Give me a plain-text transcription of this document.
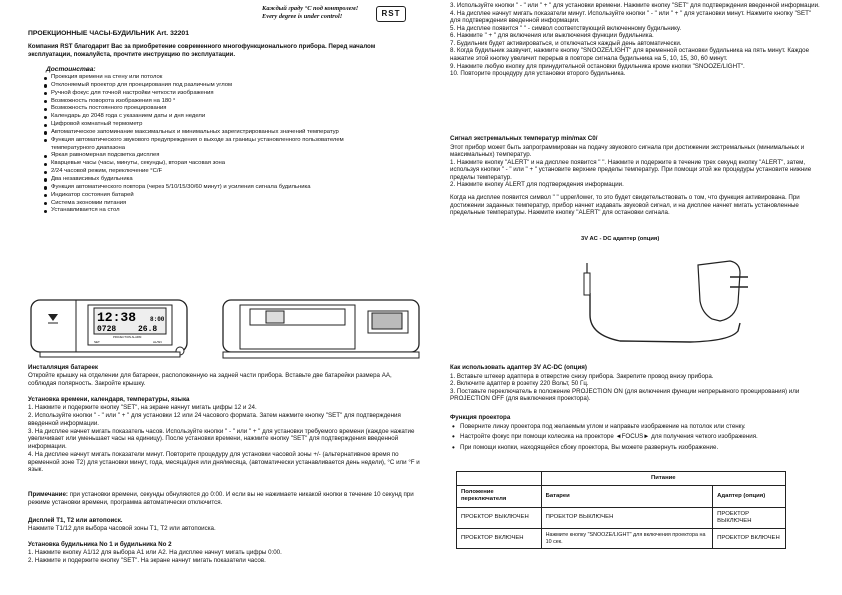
Каждый граду °C под контролем!
Every degree is under control!	RST
ПРОЕКЦИОННЫЕ ЧАСЫ-БУДИЛЬНИК Art. 32201
Компания RST благодарит Вас за приобретение современного многофункционального прибора. Перед началом эксплуатации, пожалуйста, прочтите инструкцию по эксплуатации.
Достоинства:
Проекция времени на стену или потолок
Отклоняемый проектор для проецирования под различным углом
Ручной фокус для точной настройки четкости изображения
Возможность поворота изображения на 180 °
Возможность постоянного проецирования
Календарь до 2048 года с указанием даты и дня недели
Цифровой комнатный термометр
Автоматическое запоминание максимальных и минимальных зарегистрированных значений температур
Функция автоматического звукового предупреждения о выходе за границы установленного пользователем температурного диапазона
Яркая равномерная подсветка дисплея
Кварцевые часы (часы, минуты, секунды), вторая часовая зона
2/24 часовой режим, переключение °C/F
Два независимых будильника
Функция автоматического повтора (через 5/10/15/30/60 минут) и усиления сигнала будильника
Индикатор состояния батарей
Система экономии питания
Устанавливается на стол
12:38 8:00
0728	26.8
PROJECTION ALARM
SET	AL/SN
Инсталляция батареек
Откройте крышку на отделении для батареек, расположенную на задней части прибора. Вставьте две батарейки размера AA, соблюдая полярность. Закройте крышку.
Установка времени, календаря, температуры, языка
1. Нажмите и подержите кнопку "SET", на экране начнут мигать цифры 12 и 24.
2. Используйте кнопки " - " или " + " для установки 12 или 24 часового формата. Затем нажмите кнопку "SET" для подтверждения введенной информации.
3. На дисплее начнет мигать показатель часов. Используйте кнопки " - " или " + " для установки требуемого времени (каждое нажатие увеличивает или уменьшает часы на единицу). После установки времени, нажмите кнопку "SET" для подтверждения введенной информации.
4. На дисплее начнут мигать показатели минут. Повторите процедуру для установки часовой зоны +/- (альтернативное время по временной зоне Т2) для установки минут, года, месяца/дня или дня/месяца, (автоматически устанавливается день недели), °C или °F и язык.
Примечание: при установки времени, секунды обнуляются до 0:00. И если вы не нажимаете никакой кнопки в течение 10 секунд при режиме установки времени, программа автоматически отключится.
Дисплей Т1, Т2 или автопоиск.
Нажмите Т1/12 для выбора часовой зоны Т1, Т2 или автопоиска.
Установка будильника No 1 и будильника No 2
1. Нажмите кнопку А1/12 для выбора А1 или А2. На дисплее начнут мигать цифры 0:00.
2. Нажмите и подержите кнопку "SET". На экране начнут мигать показатели часов.
3. Используйте кнопки " - " или " + " для установки времени. Нажмите кнопку "SET" для подтверждения введенной информации.
4. На дисплее начнут мигать показатели минут. Используйте кнопки " - " или " + " для установки минут. Нажмите кнопку "SET" для подтверждения введенной информации.
5. На дисплее появится " " - символ соответствующий включенному будильнику.
6. Нажмите " + " для включения или выключения функции будильника.
7. Будильник будет активироваться, и отключаться каждый день автоматически.
8. Когда будильник зазвучит, нажмите кнопку "SNOOZE/LIGHT" для временной остановки будильника на пять минут. Каждое нажатие этой кнопку увеличит перерыв в повторе сигнала будильника на 5, 10, 15, 30, 60 минут.
9. Нажмите любую кнопку для принудительной остановки будильника кроме кнопки "SNOOZE/LIGHT".
10. Повторите процедуру для установки второго будильника.
Сигнал экстремальных температур min/max C0/
Этот прибор может быть запрограммирован на подачу звукового сигнала при достижении экстремальных (минимальных и максимальных) температур.
1. Нажмите кнопку "ALERT" и на дисплее появится " ". Нажмите и подержите в течение трех секунд кнопку "ALERT", затем, используя кнопки " - " или " + " установите верхние пределы температур. При помощи этой же процедуры установите нижние пределы температур.
2. Нажмите кнопку ALERT для подтверждения информации.
Когда на дисплее появится символ " " upper/lower, то это будет свидетельствовать о том, что функция активирована. При достижении заданных температур, прибор начнет издавать звуковой сигнал, и на дисплее начнет мигать установленные предельные температуры. Нажмите кнопку "ALERT" для остановки сигнала.
3V AC - DC адаптер (опция)
Как использовать адаптер 3V AC-DC (опция)
1. Вставьте штекер адаптера в отверстие снизу прибора. Закрепите провод внизу прибора.
2. Включите адаптер в розетку 220 Вольт, 50 Гц.
3. Поставьте переключатель в положение PROJECTION ON (для включения функции непрерывного проецирования) или PROJECTION OFF (для выключения проектора).
Функция проектора
• Поверните линзу проектора под желаемым углом и направьте изображение на потолок или стенку.
• Настройте фокус при помощи колесика на проекторе ◄FOCUS► для получения четкого изображения.
• При помощи кнопки, находящейся сбоку проектора, Вы можете развернуть изображение.
	Питание	
Положение переключателя	Батареи	Адаптер (опция)
ПРОЕКТОР ВЫКЛЮЧЕН	ПРОЕКТОР ВЫКЛЮЧЕН	ПРОЕКТОР ВЫКЛЮЧЕН
ПРОЕКТОР ВКЛЮЧЕН	Нажмите кнопку "SNOOZE/LIGHT" для включения проектора на 10 сек.	ПРОЕКТОР ВКЛЮЧЕН
